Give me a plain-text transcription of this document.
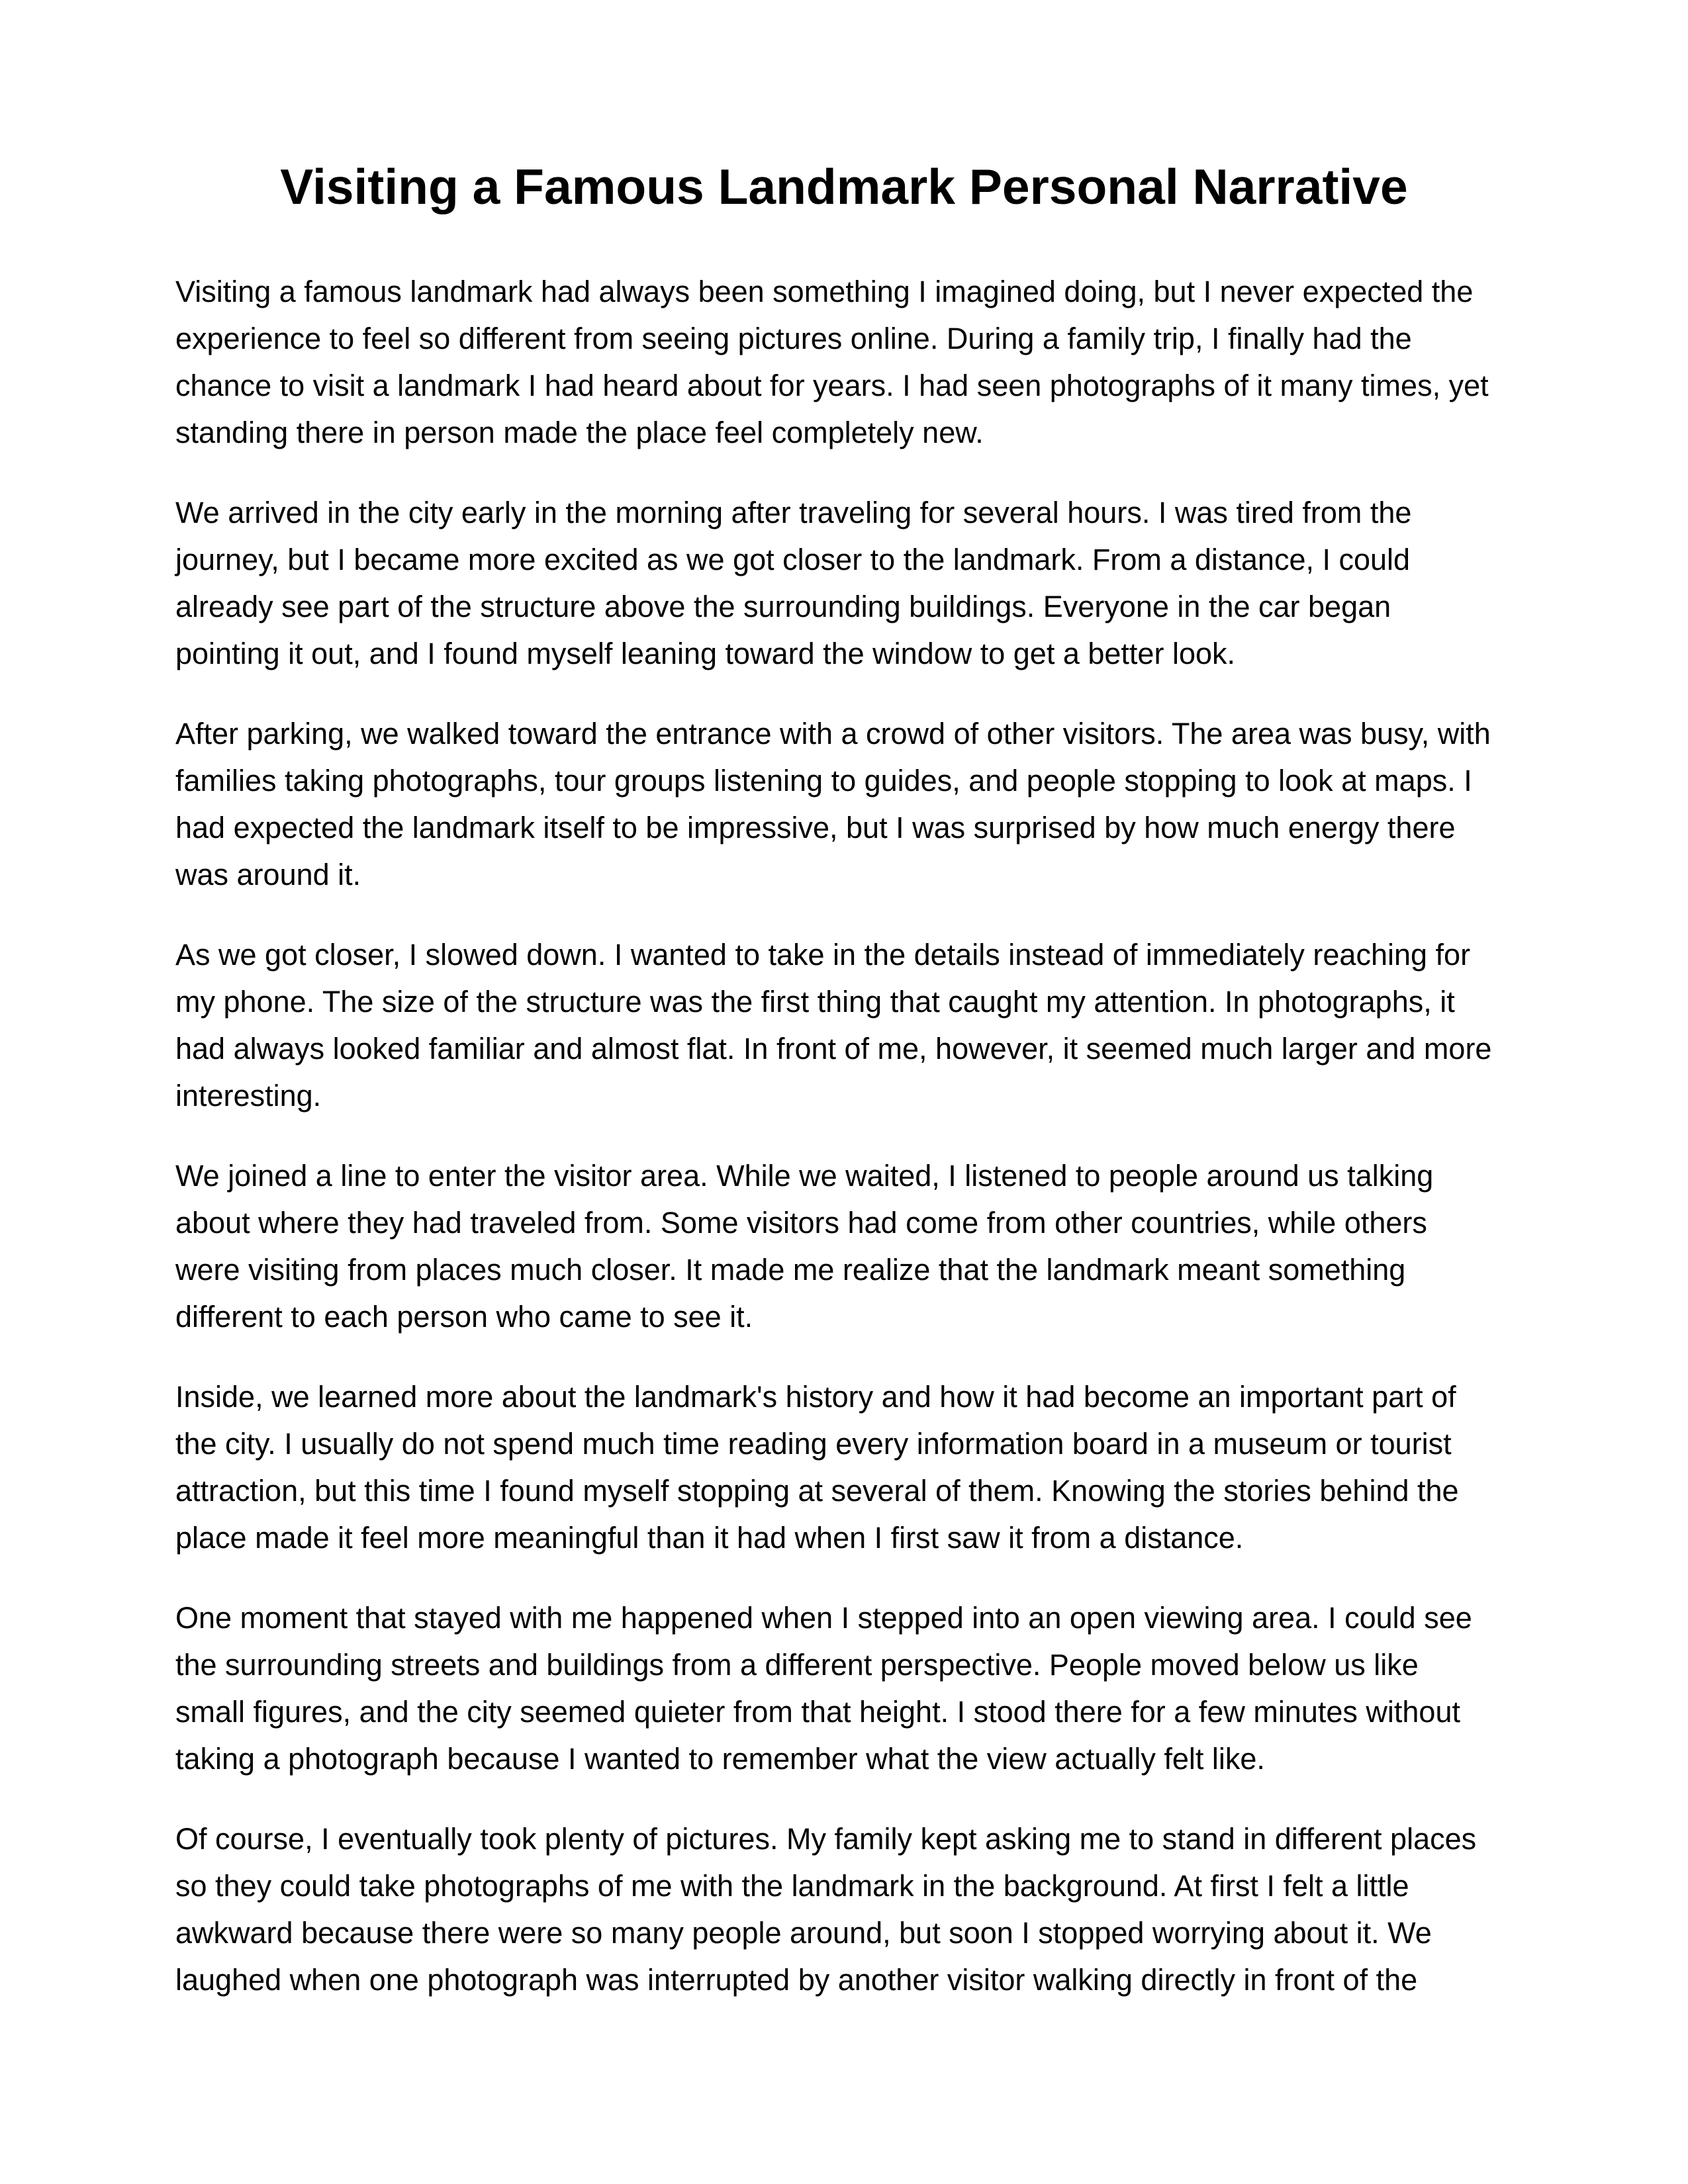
Visiting a Famous Landmark Personal Narrative

Visiting a famous landmark had always been something I imagined doing, but I never expected the
experience to feel so different from seeing pictures online. During a family trip, I finally had the
chance to visit a landmark I had heard about for years. I had seen photographs of it many times, yet
standing there in person made the place feel completely new.

We arrived in the city early in the morning after traveling for several hours. I was tired from the
journey, but I became more excited as we got closer to the landmark. From a distance, I could
already see part of the structure above the surrounding buildings. Everyone in the car began
pointing it out, and I found myself leaning toward the window to get a better look.

After parking, we walked toward the entrance with a crowd of other visitors. The area was busy, with
families taking photographs, tour groups listening to guides, and people stopping to look at maps. I
had expected the landmark itself to be impressive, but I was surprised by how much energy there
was around it.

As we got closer, I slowed down. I wanted to take in the details instead of immediately reaching for
my phone. The size of the structure was the first thing that caught my attention. In photographs, it
had always looked familiar and almost flat. In front of me, however, it seemed much larger and more
interesting.

We joined a line to enter the visitor area. While we waited, I listened to people around us talking
about where they had traveled from. Some visitors had come from other countries, while others
were visiting from places much closer. It made me realize that the landmark meant something
different to each person who came to see it.

Inside, we learned more about the landmark's history and how it had become an important part of
the city. I usually do not spend much time reading every information board in a museum or tourist
attraction, but this time I found myself stopping at several of them. Knowing the stories behind the
place made it feel more meaningful than it had when I first saw it from a distance.

One moment that stayed with me happened when I stepped into an open viewing area. I could see
the surrounding streets and buildings from a different perspective. People moved below us like
small figures, and the city seemed quieter from that height. I stood there for a few minutes without
taking a photograph because I wanted to remember what the view actually felt like.

Of course, I eventually took plenty of pictures. My family kept asking me to stand in different places
so they could take photographs of me with the landmark in the background. At first I felt a little
awkward because there were so many people around, but soon I stopped worrying about it. We
laughed when one photograph was interrupted by another visitor walking directly in front of the
